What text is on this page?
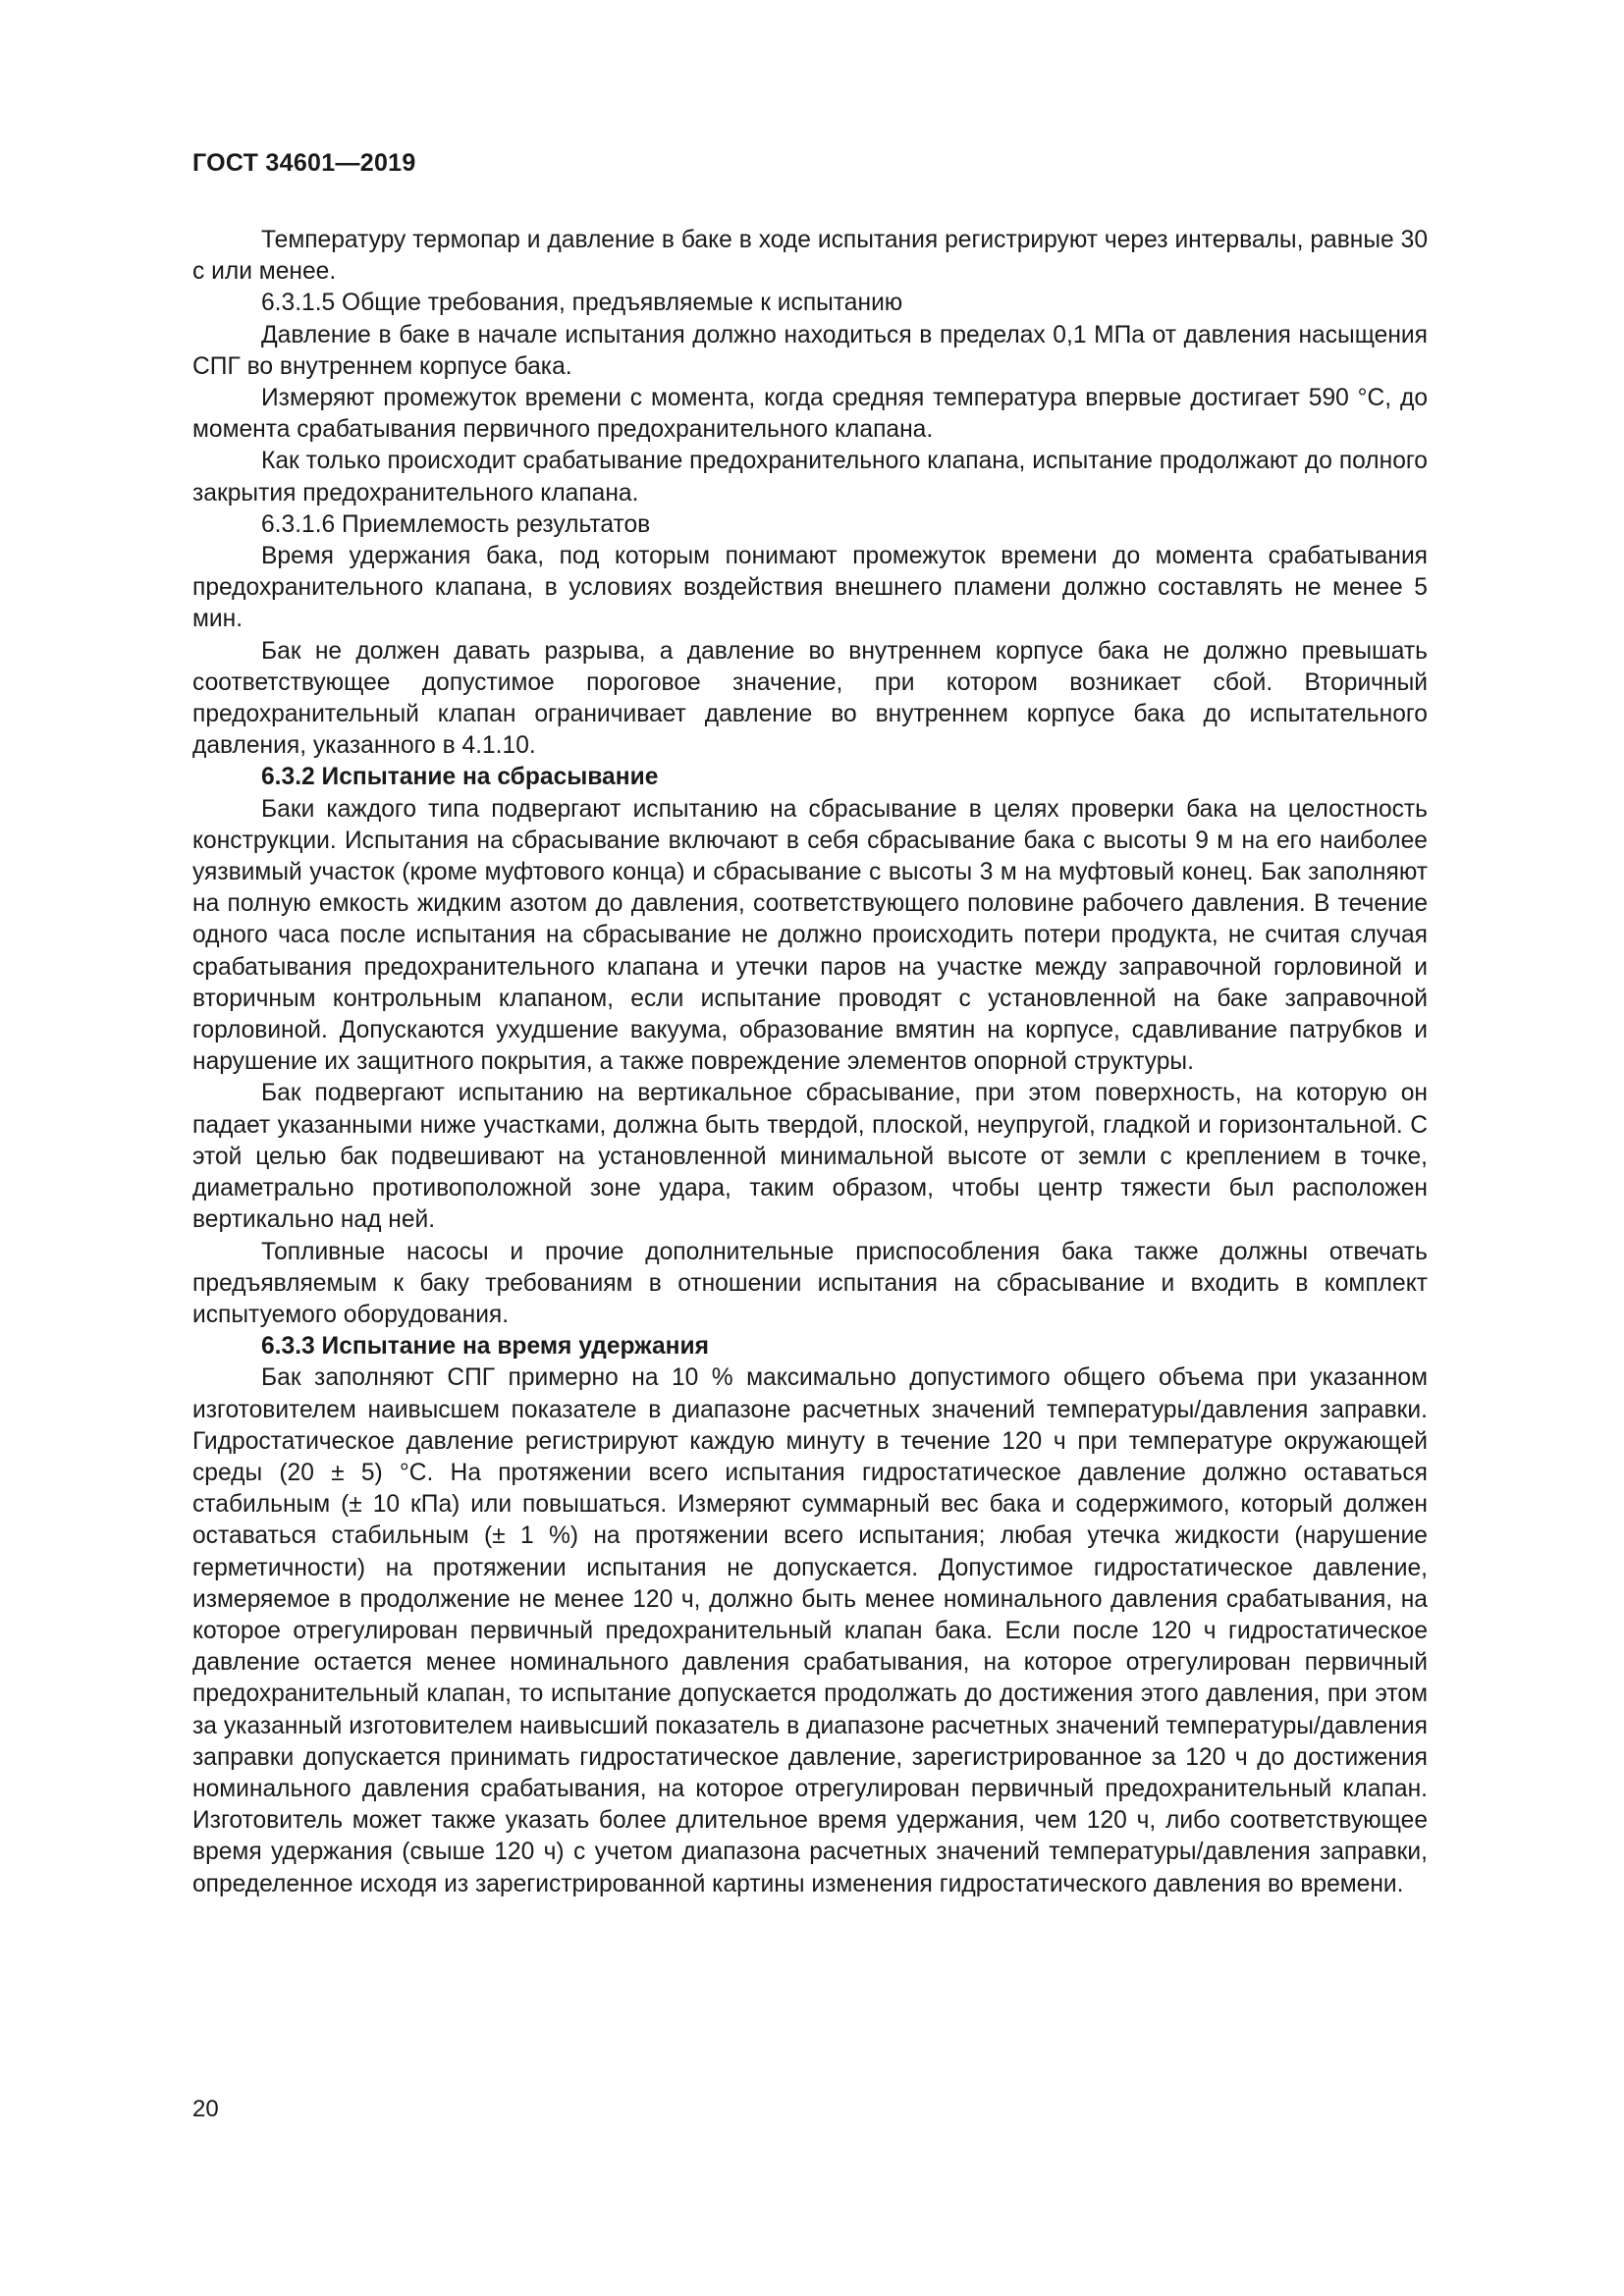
ГОСТ 34601—2019

Температуру термопар и давление в баке в ходе испытания регистрируют через интервалы, равные 30 с или менее.

6.3.1.5 Общие требования, предъявляемые к испытанию

Давление в баке в начале испытания должно находиться в пределах 0,1 МПа от давления насыщения СПГ во внутреннем корпусе бака.

Измеряют промежуток времени с момента, когда средняя температура впервые достигает 590 °С, до момента срабатывания первичного предохранительного клапана.

Как только происходит срабатывание предохранительного клапана, испытание продолжают до полного закрытия предохранительного клапана.

6.3.1.6 Приемлемость результатов

Время удержания бака, под которым понимают промежуток времени до момента срабатывания предохранительного клапана, в условиях воздействия внешнего пламени должно составлять не менее 5 мин.

Бак не должен давать разрыва, а давление во внутреннем корпусе бака не должно превышать соответствующее допустимое пороговое значение, при котором возникает сбой. Вторичный предохранительный клапан ограничивает давление во внутреннем корпусе бака до испытательного давления, указанного в 4.1.10.

6.3.2 Испытание на сбрасывание

Баки каждого типа подвергают испытанию на сбрасывание в целях проверки бака на целостность конструкции. Испытания на сбрасывание включают в себя сбрасывание бака с высоты 9 м на его наиболее уязвимый участок (кроме муфтового конца) и сбрасывание с высоты 3 м на муфтовый конец. Бак заполняют на полную емкость жидким азотом до давления, соответствующего половине рабочего давления. В течение одного часа после испытания на сбрасывание не должно происходить потери продукта, не считая случая срабатывания предохранительного клапана и утечки паров на участке между заправочной горловиной и вторичным контрольным клапаном, если испытание проводят с установленной на баке заправочной горловиной. Допускаются ухудшение вакуума, образование вмятин на корпусе, сдавливание патрубков и нарушение их защитного покрытия, а также повреждение элементов опорной структуры.

Бак подвергают испытанию на вертикальное сбрасывание, при этом поверхность, на которую он падает указанными ниже участками, должна быть твердой, плоской, неупругой, гладкой и горизонтальной. С этой целью бак подвешивают на установленной минимальной высоте от земли с креплением в точке, диаметрально противоположной зоне удара, таким образом, чтобы центр тяжести был расположен вертикально над ней.

Топливные насосы и прочие дополнительные приспособления бака также должны отвечать предъявляемым к баку требованиям в отношении испытания на сбрасывание и входить в комплект испытуемого оборудования.

6.3.3 Испытание на время удержания

Бак заполняют СПГ примерно на 10 % максимально допустимого общего объема при указанном изготовителем наивысшем показателе в диапазоне расчетных значений температуры/давления заправки. Гидростатическое давление регистрируют каждую минуту в течение 120 ч при температуре окружающей среды (20 ± 5) °С. На протяжении всего испытания гидростатическое давление должно оставаться стабильным (± 10 кПа) или повышаться. Измеряют суммарный вес бака и содержимого, который должен оставаться стабильным (± 1 %) на протяжении всего испытания; любая утечка жидкости (нарушение герметичности) на протяжении испытания не допускается. Допустимое гидростатическое давление, измеряемое в продолжение не менее 120 ч, должно быть менее номинального давления срабатывания, на которое отрегулирован первичный предохранительный клапан бака. Если после 120 ч гидростатическое давление остается менее номинального давления срабатывания, на которое отрегулирован первичный предохранительный клапан, то испытание допускается продолжать до достижения этого давления, при этом за указанный изготовителем наивысший показатель в диапазоне расчетных значений температуры/давления заправки допускается принимать гидростатическое давление, зарегистрированное за 120 ч до достижения номинального давления срабатывания, на которое отрегулирован первичный предохранительный клапан. Изготовитель может также указать более длительное время удержания, чем 120 ч, либо соответствующее время удержания (свыше 120 ч) с учетом диапазона расчетных значений температуры/давления заправки, определенное исходя из зарегистрированной картины изменения гидростатического давления во времени.

20
